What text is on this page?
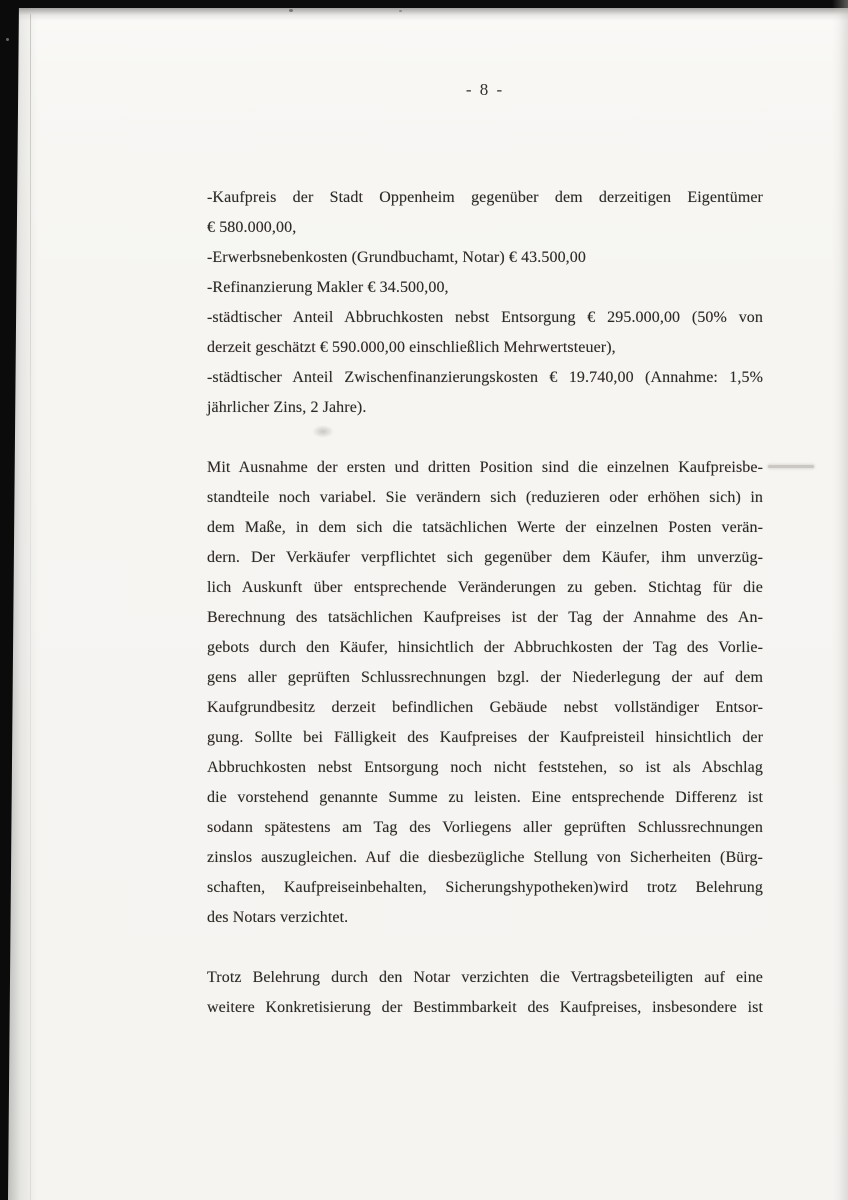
- 8 -
-Kaufpreis der Stadt Oppenheim gegenüber dem derzeitigen Eigentümer
€ 580.000,00,
-Erwerbsnebenkosten (Grundbuchamt, Notar) € 43.500,00
-Refinanzierung Makler € 34.500,00,
-städtischer Anteil Abbruchkosten nebst Entsorgung € 295.000,00 (50% von
derzeit geschätzt € 590.000,00 einschließlich Mehrwertsteuer),
-städtischer Anteil Zwischenfinanzierungskosten € 19.740,00 (Annahme: 1,5%
jährlicher Zins, 2 Jahre).
Mit Ausnahme der ersten und dritten Position sind die einzelnen Kaufpreisbe-
standteile noch variabel. Sie verändern sich (reduzieren oder erhöhen sich) in
dem Maße, in dem sich die tatsächlichen Werte der einzelnen Posten verän-
dern. Der Verkäufer verpflichtet sich gegenüber dem Käufer, ihm unverzüg-
lich Auskunft über entsprechende Veränderungen zu geben. Stichtag für die
Berechnung des tatsächlichen Kaufpreises ist der Tag der Annahme des An-
gebots durch den Käufer, hinsichtlich der Abbruchkosten der Tag des Vorlie-
gens aller geprüften Schlussrechnungen bzgl. der Niederlegung der auf dem
Kaufgrundbesitz derzeit befindlichen Gebäude nebst vollständiger Entsor-
gung. Sollte bei Fälligkeit des Kaufpreises der Kaufpreisteil hinsichtlich der
Abbruchkosten nebst Entsorgung noch nicht feststehen, so ist als Abschlag
die vorstehend genannte Summe zu leisten. Eine entsprechende Differenz ist
sodann spätestens am Tag des Vorliegens aller geprüften Schlussrechnungen
zinslos auszugleichen. Auf die diesbezügliche Stellung von Sicherheiten (Bürg-
schaften, Kaufpreiseinbehalten, Sicherungshypotheken)wird trotz Belehrung
des Notars verzichtet.
Trotz Belehrung durch den Notar verzichten die Vertragsbeteiligten auf eine
weitere Konkretisierung der Bestimmbarkeit des Kaufpreises, insbesondere ist
